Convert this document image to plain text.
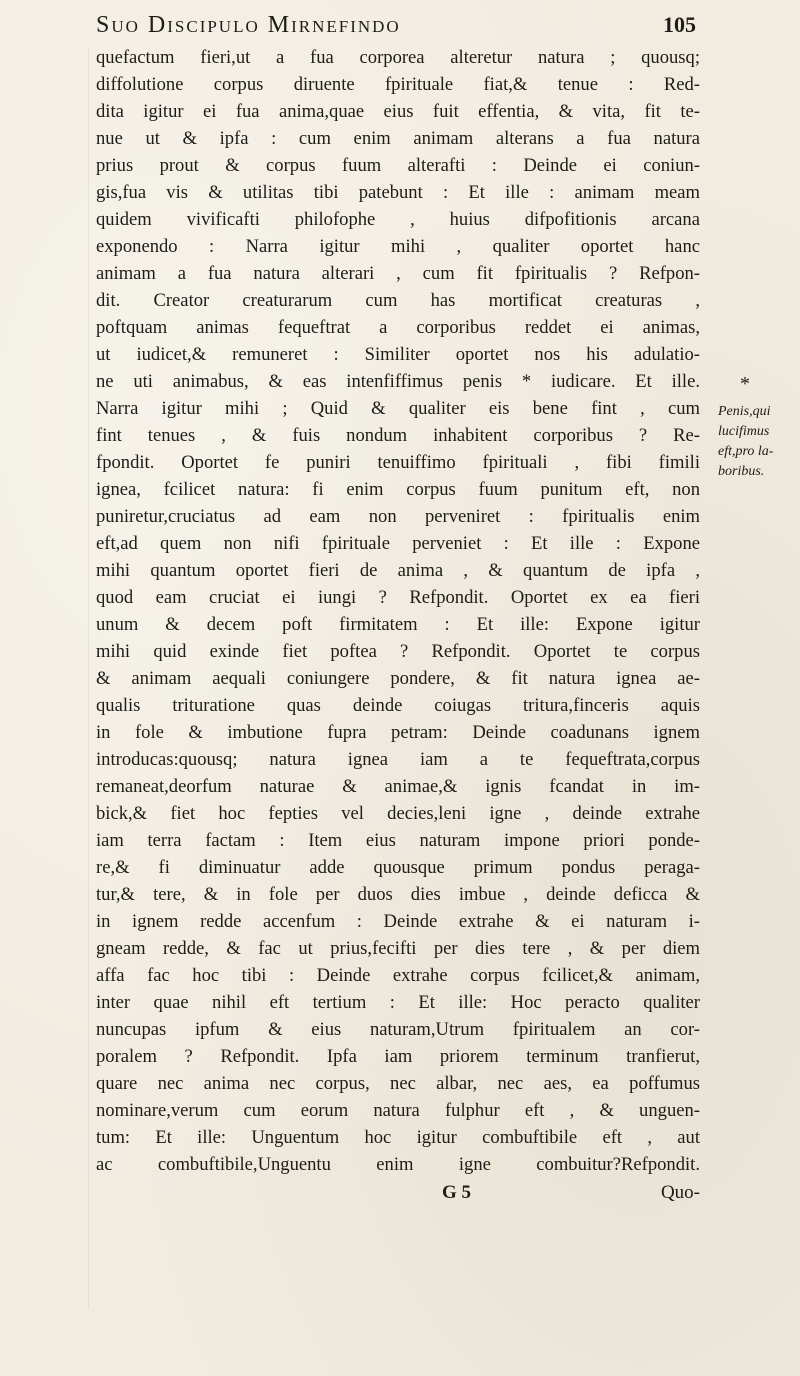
Suo Discipulo Mirnefindo	105
quefactum fieri,ut a fua corporea alteretur natura ; quousq;
diffolutione corpus diruente fpirituale fiat,& tenue : Red-
dita igitur ei fua anima,quae eius fuit effentia, & vita, fit te-
nue ut & ipfa : cum enim animam alterans a fua natura
prius prout & corpus fuum alterafti : Deinde ei coniun-
gis,fua vis & utilitas tibi patebunt : Et ille : animam meam
quidem vivificafti philofophe , huius difpofitionis arcana
exponendo : Narra igitur mihi , qualiter oportet hanc
animam a fua natura alterari , cum fit fpiritualis ? Refpon-
dit. Creator creaturarum cum has mortificat creaturas ,
poftquam animas fequeftrat a corporibus reddet ei animas,
ut iudicet,& remuneret : Similiter oportet nos his adulatio-
ne uti animabus, & eas intenfiffimus penis * iudicare. Et ille.
Narra igitur mihi ; Quid & qualiter eis bene fint , cum
fint tenues , & fuis nondum inhabitent corporibus ? Re-
fpondit. Oportet fe puniri tenuiffimo fpirituali , fibi fimili
ignea, fcilicet natura: fi enim corpus fuum punitum eft, non
puniretur,cruciatus ad eam non perveniret : fpiritualis enim
eft,ad quem non nifi fpirituale perveniet : Et ille : Expone
mihi quantum oportet fieri de anima , & quantum de ipfa ,
quod eam cruciat ei iungi ? Refpondit. Oportet ex ea fieri
unum & decem poft firmitatem : Et ille: Expone igitur
mihi quid exinde fiet poftea ? Refpondit. Oportet te corpus
& animam aequali coniungere pondere, & fit natura ignea ae-
qualis trituratione quas deinde coiugas tritura,finceris aquis
in fole & imbutione fupra petram: Deinde coadunans ignem
introducas:quousq; natura ignea iam a te fequeftrata,corpus
remaneat,deorfum naturae & animae,& ignis fcandat in im-
bick,& fiet hoc fepties vel decies,leni igne , deinde extrahe
iam terra factam : Item eius naturam impone priori ponde-
re,& fi diminuatur adde quousque primum pondus peraga-
tur,& tere, & in fole per duos dies imbue , deinde deficca &
in ignem redde accenfum : Deinde extrahe & ei naturam i-
gneam redde, & fac ut prius,fecifti per dies tere , & per diem
affa fac hoc tibi : Deinde extrahe corpus fcilicet,& animam,
inter quae nihil eft tertium : Et ille: Hoc peracto qualiter
nuncupas ipfum & eius naturam,Utrum fpiritualem an cor-
poralem ? Refpondit. Ipfa iam priorem terminum tranfierut,
quare nec anima nec corpus, nec albar, nec aes, ea poffumus
nominare,verum cum eorum natura fulphur eft , & unguen-
tum: Et ille: Unguentum hoc igitur combuftibile eft , aut
ac combuftibile,Unguentu enim igne combuitur?Refpondit.
G 5	Quo-
*
Penis,qui
lucifimus
eft,pro la-
boribus.
